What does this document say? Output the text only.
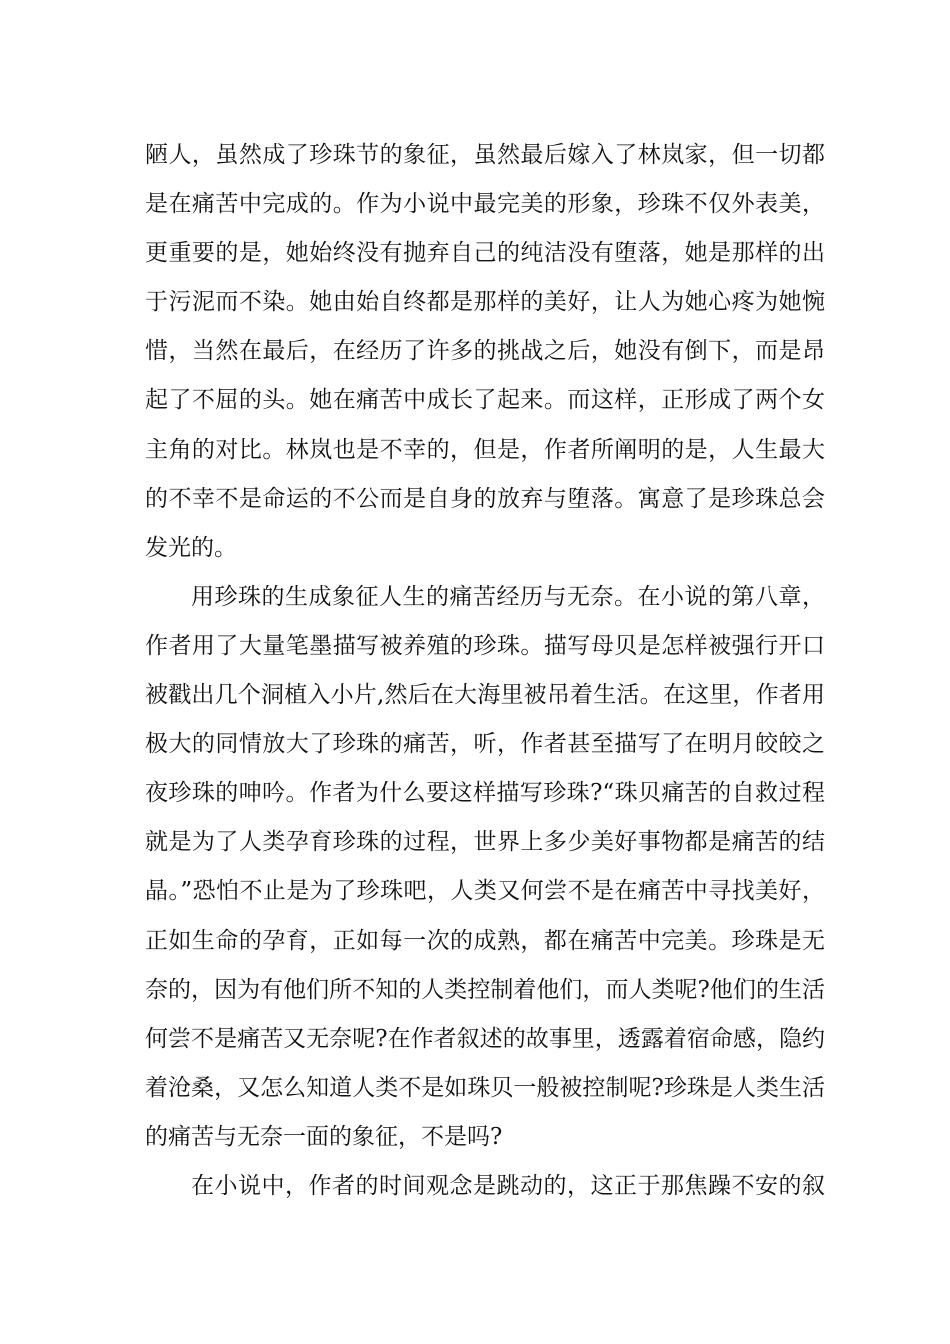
陋人，虽然成了珍珠节的象征，虽然最后嫁入了林岚家，但一切都
是在痛苦中完成的。作为小说中最完美的形象，珍珠不仅外表美，
更重要的是，她始终没有抛弃自己的纯洁没有堕落，她是那样的出
于污泥而不染。她由始自终都是那样的美好，让人为她心疼为她惋
惜，当然在最后，在经历了许多的挑战之后，她没有倒下，而是昂
起了不屈的头。她在痛苦中成长了起来。而这样，正形成了两个女
主角的对比。林岚也是不幸的，但是，作者所阐明的是，人生最大
的不幸不是命运的不公而是自身的放弃与堕落。寓意了是珍珠总会
发光的。
用珍珠的生成象征人生的痛苦经历与无奈。在小说的第八章，
作者用了大量笔墨描写被养殖的珍珠。描写母贝是怎样被强行开口
被戳出几个洞植入小片,然后在大海里被吊着生活。在这里，作者用
极大的同情放大了珍珠的痛苦，听，作者甚至描写了在明月皎皎之
夜珍珠的呻吟。作者为什么要这样描写珍珠?“珠贝痛苦的自救过程
就是为了人类孕育珍珠的过程，世界上多少美好事物都是痛苦的结
晶。”恐怕不止是为了珍珠吧，人类又何尝不是在痛苦中寻找美好，
正如生命的孕育，正如每一次的成熟，都在痛苦中完美。珍珠是无
奈的，因为有他们所不知的人类控制着他们，而人类呢?他们的生活
何尝不是痛苦又无奈呢?在作者叙述的故事里，透露着宿命感，隐约
着沧桑，又怎么知道人类不是如珠贝一般被控制呢?珍珠是人类生活
的痛苦与无奈一面的象征，不是吗?
在小说中，作者的时间观念是跳动的，这正于那焦躁不安的叙
